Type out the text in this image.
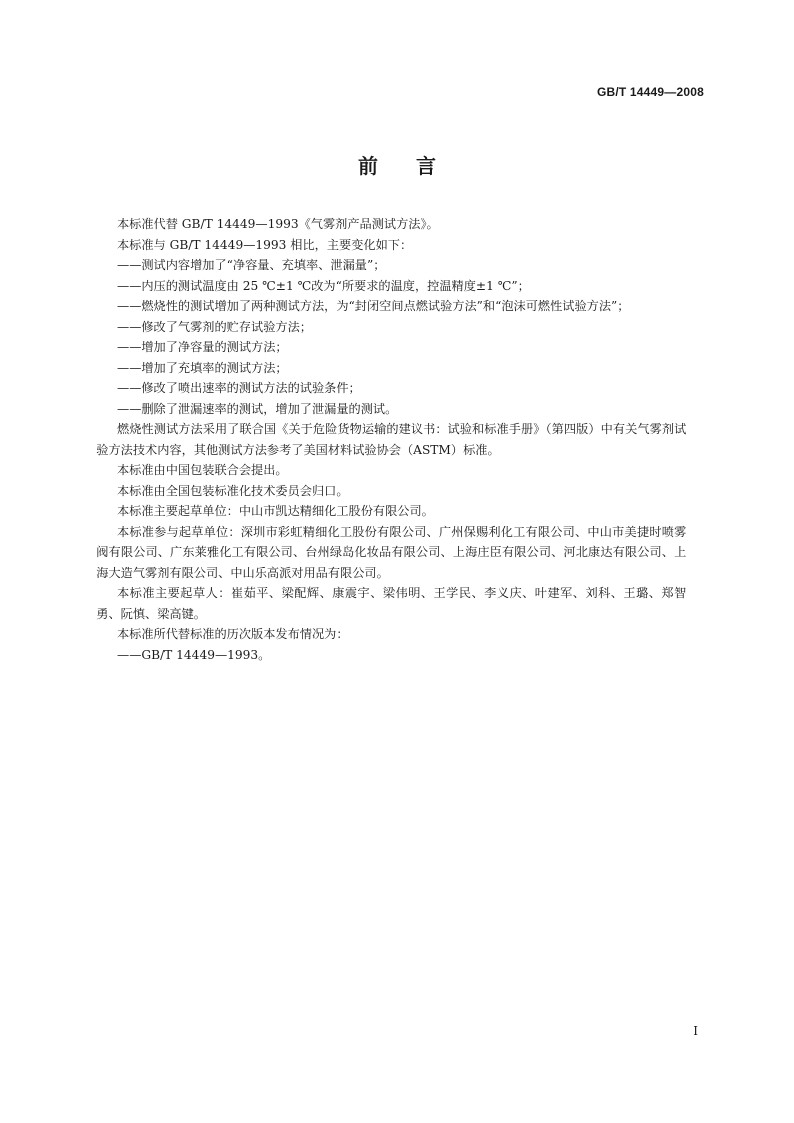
GB/T 14449—2008
前言

本标准代替 GB/T 14449—1993《气雾剂产品测试方法》。

本标准与 GB/T 14449—1993 相比，主要变化如下：

——测试内容增加了“净容量、充填率、泄漏量”；

——内压的测试温度由 25 ℃±1 ℃改为“所要求的温度，控温精度±1 ℃”；

——燃烧性的测试增加了两种测试方法，为“封闭空间点燃试验方法”和“泡沫可燃性试验方法”；

——修改了气雾剂的贮存试验方法；

——增加了净容量的测试方法；

——增加了充填率的测试方法；

——修改了喷出速率的测试方法的试验条件；

——删除了泄漏速率的测试，增加了泄漏量的测试。

燃烧性测试方法采用了联合国《关于危险货物运输的建议书：试验和标准手册》（第四版）中有关气雾剂试验方法技术内容，其他测试方法参考了美国材料试验协会（ASTM）标准。

本标准由中国包装联合会提出。

本标准由全国包装标准化技术委员会归口。

本标准主要起草单位：中山市凯达精细化工股份有限公司。

本标准参与起草单位：深圳市彩虹精细化工股份有限公司、广州保赐利化工有限公司、中山市美捷时喷雾阀有限公司、广东莱雅化工有限公司、台州绿岛化妆品有限公司、上海庄臣有限公司、河北康达有限公司、上海大造气雾剂有限公司、中山乐高派对用品有限公司。

本标准主要起草人：崔茹平、梁配辉、康震宇、梁伟明、王学民、李义庆、叶建军、刘科、王璐、郑智勇、阮慎、梁高键。

本标准所代替标准的历次版本发布情况为：

——GB/T 14449—1993。

I
